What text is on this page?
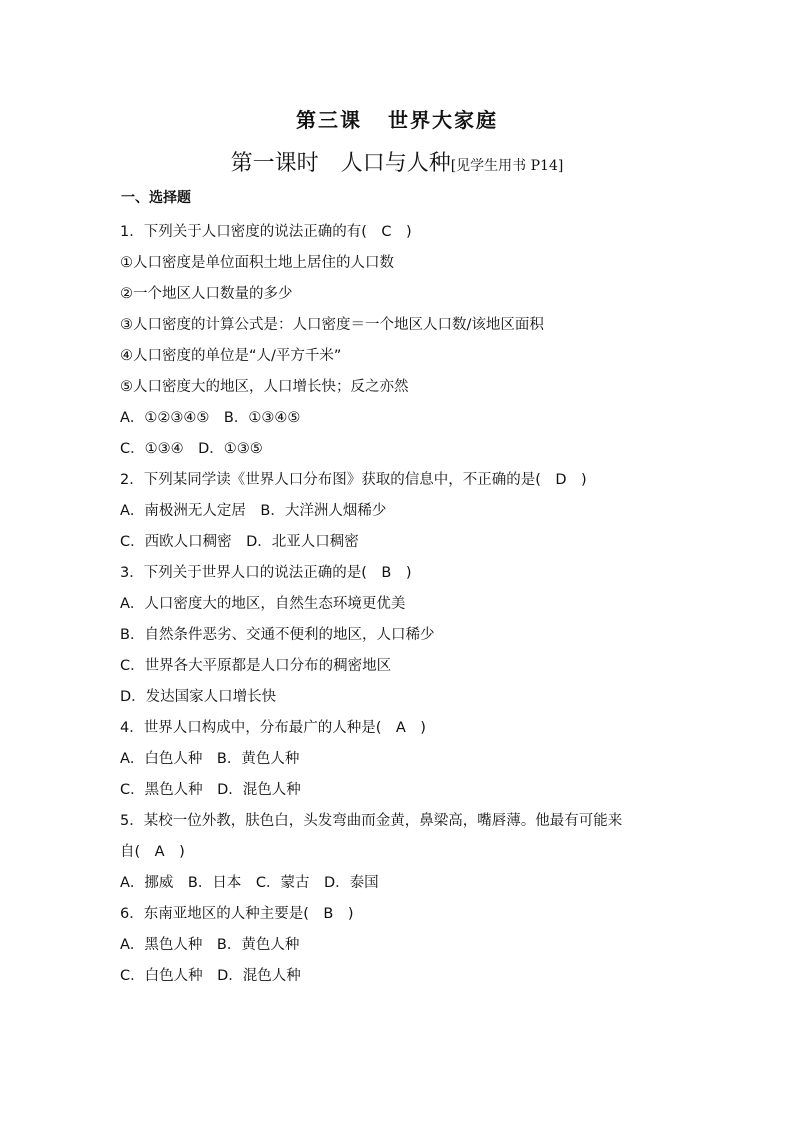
第三课 世界大家庭
第一课时 人口与人种[见学生用书 P14]
一、选择题
1．下列关于人口密度的说法正确的有(　C　)
①人口密度是单位面积土地上居住的人口数
②一个地区人口数量的多少
③人口密度的计算公式是：人口密度＝一个地区人口数/该地区面积
④人口密度的单位是“人/平方千米”
⑤人口密度大的地区，人口增长快；反之亦然
A．①②③④⑤　B．①③④⑤
C．①③④　D．①③⑤
2．下列某同学读《世界人口分布图》获取的信息中，不正确的是(　D　)
A．南极洲无人定居　B．大洋洲人烟稀少
C．西欧人口稠密　D．北亚人口稠密
3．下列关于世界人口的说法正确的是(　B　)
A．人口密度大的地区，自然生态环境更优美
B．自然条件恶劣、交通不便利的地区，人口稀少
C．世界各大平原都是人口分布的稠密地区
D．发达国家人口增长快
4．世界人口构成中，分布最广的人种是(　A　)
A．白色人种　B．黄色人种
C．黑色人种　D．混色人种
5．某校一位外教，肤色白，头发弯曲而金黄，鼻梁高，嘴唇薄。他最有可能来
自(　A　)
A．挪威　B．日本　C．蒙古　D．泰国
6．东南亚地区的人种主要是(　B　)
A．黑色人种　B．黄色人种
C．白色人种　D．混色人种
